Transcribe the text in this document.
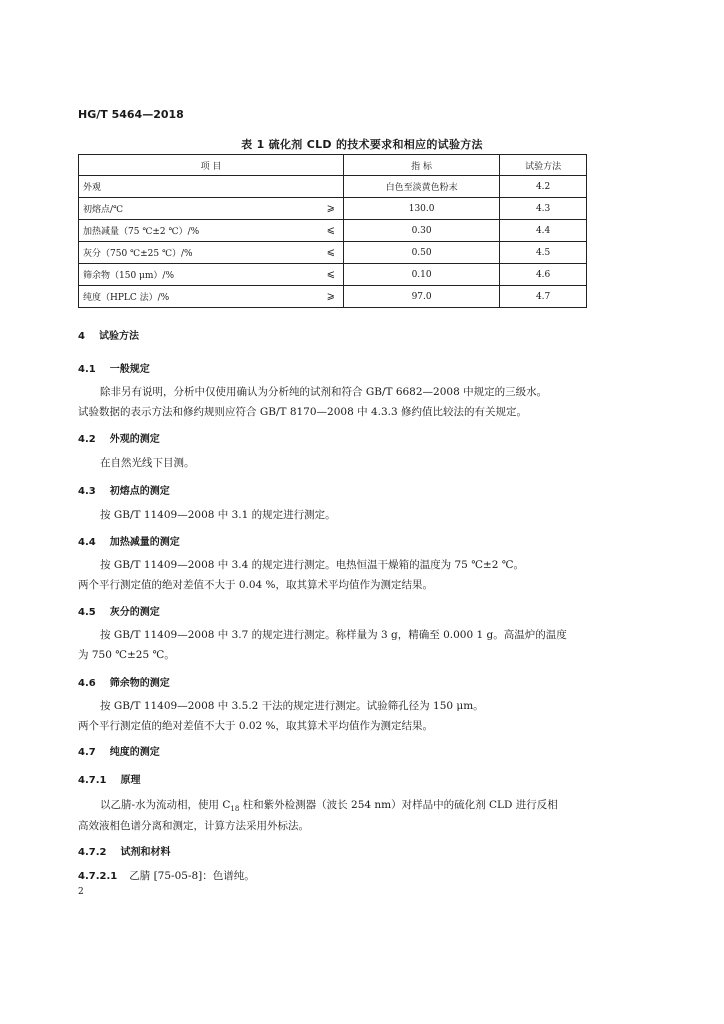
HG/T 5464—2018
表 1 硫化剂 CLD 的技术要求和相应的试验方法
项 目		指 标	试验方法
外观		白色至淡黄色粉末	4.2
初熔点/℃	⩾	130.0	4.3
加热减量（75 ℃±2 ℃）/%	⩽	0.30	4.4
灰分（750 ℃±25 ℃）/%	⩽	0.50	4.5
筛余物（150 μm）/%	⩽	0.10	4.6
纯度（HPLC 法）/%	⩾	97.0	4.7
4 试验方法
4.1 一般规定
除非另有说明，分析中仅使用确认为分析纯的试剂和符合 GB/T 6682—2008 中规定的三级水。
试验数据的表示方法和修约规则应符合 GB/T 8170—2008 中 4.3.3 修约值比较法的有关规定。
4.2 外观的测定
在自然光线下目测。
4.3 初熔点的测定
按 GB/T 11409—2008 中 3.1 的规定进行测定。
4.4 加热减量的测定
按 GB/T 11409—2008 中 3.4 的规定进行测定。电热恒温干燥箱的温度为 75 ℃±2 ℃。
两个平行测定值的绝对差值不大于 0.04 %，取其算术平均值作为测定结果。
4.5 灰分的测定
按 GB/T 11409—2008 中 3.7 的规定进行测定。称样量为 3 g，精确至 0.000 1 g。高温炉的温度
为 750 ℃±25 ℃。
4.6 筛余物的测定
按 GB/T 11409—2008 中 3.5.2 干法的规定进行测定。试验筛孔径为 150 μm。
两个平行测定值的绝对差值不大于 0.02 %，取其算术平均值作为测定结果。
4.7 纯度的测定
4.7.1 原理
以乙腈-水为流动相，使用 $C_{18}$ 柱和紫外检测器（波长 254 nm）对样品中的硫化剂 CLD 进行反相
高效液相色谱分离和测定，计算方法采用外标法。
4.7.2 试剂和材料
4.7.2.1 乙腈 [75-05-8]：色谱纯。
2
